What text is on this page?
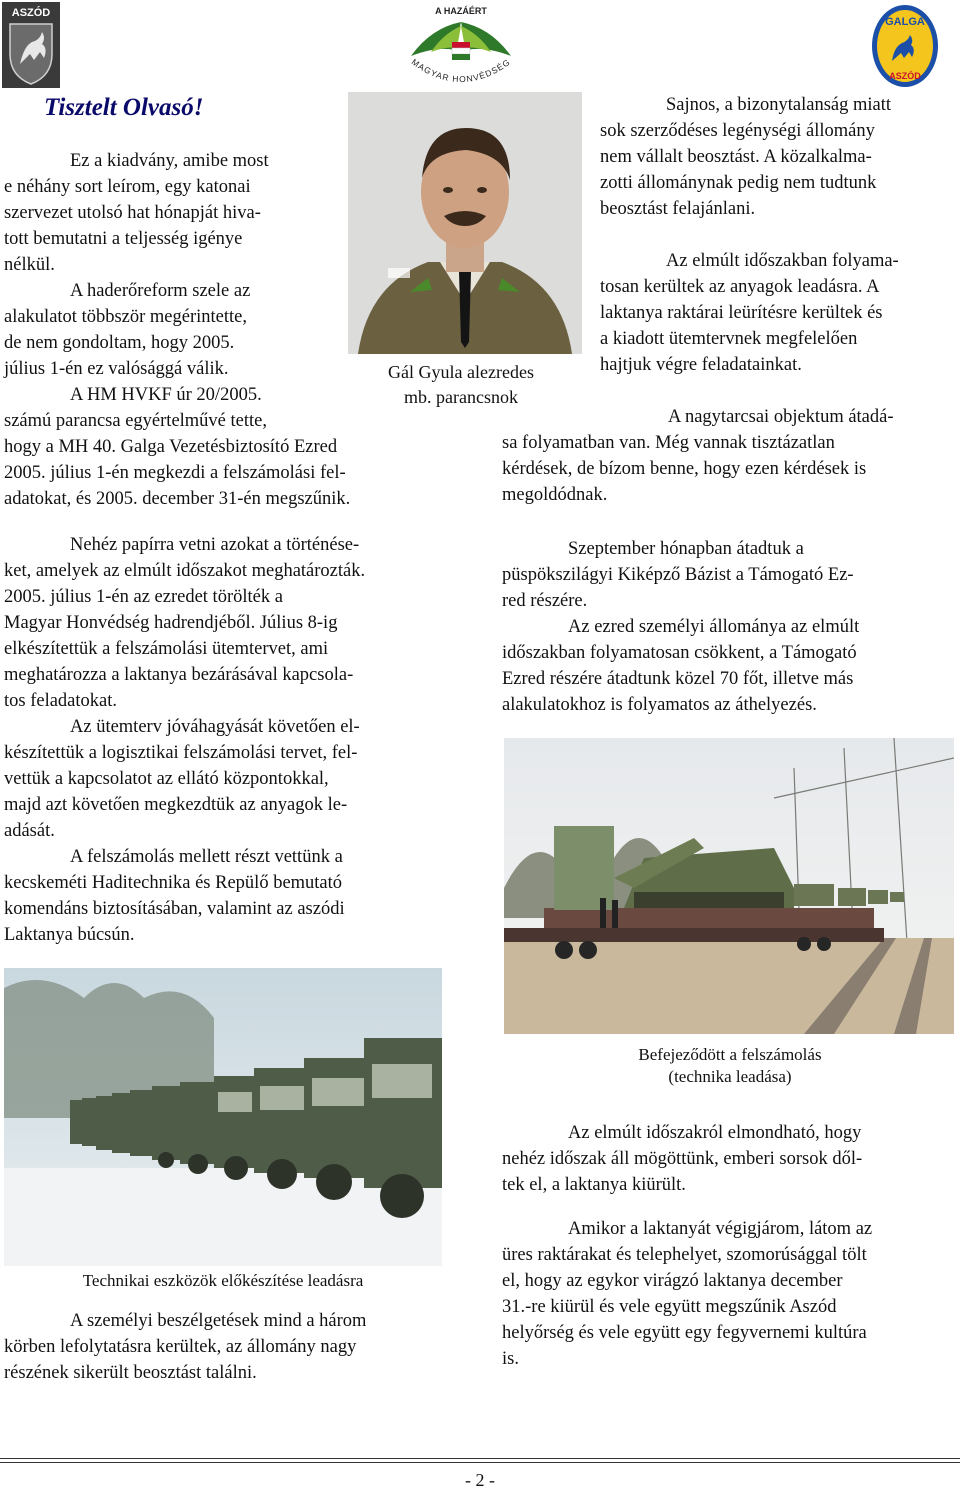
ASZÓD	A HAZÁÉRT
MAGYAR HONVÉDSÉG
GALGA
ASZÓD
Tisztelt Olvasó!
Gál Gyula alezredes
mb. parancsnok

Ez a kiadvány, amibe most
e néhány sort leírom, egy katonai
szervezet utolsó hat hónapját hiva-
tott bemutatni a teljesség igénye
nélkül.

A haderőreform szele az
alakulatot többször megérintette,
de nem gondoltam, hogy 2005.
július 1-én ez valósággá válik.

A HM HVKF úr 20/2005.
számú parancsa egyértelművé tette,

hogy a MH 40. Galga Vezetésbiztosító Ezred
2005. július 1-én megkezdi a felszámolási fel-
adatokat, és 2005. december 31-én megszűnik.

Nehéz papírra vetni azokat a történése-
ket, amelyek az elmúlt időszakot meghatározták.
2005. július 1-én az ezredet törölték a
Magyar Honvédség hadrendjéből. Július 8-ig
elkészítettük a felszámolási ütemtervet, ami
meghatározza a laktanya bezárásával kapcsola-
tos feladatokat.

Az ütemterv jóváhagyását követően el-
készítettük a logisztikai felszámolási tervet, fel-
vettük a kapcsolatot az ellátó központokkal,
majd azt követően megkezdtük az anyagok le-
adását.

A felszámolás mellett részt vettünk a
kecskeméti Haditechnika és Repülő bemutató
komendáns biztosításában, valamint az aszódi
Laktanya búcsún.

Technikai eszközök előkészítése leadásra

A személyi beszélgetések mind a három
körben lefolytatásra kerültek, az állomány nagy
részének sikerült beosztást találni.

Sajnos, a bizonytalanság miatt
sok szerződéses legénységi állomány
nem vállalt beosztást. A közalkalma-
zotti állománynak pedig nem tudtunk
beosztást felajánlani.

Az elmúlt időszakban folyama-
tosan kerültek az anyagok leadásra. A
laktanya raktárai leürítésre kerültek és
a kiadott ütemtervnek megfelelően
hajtjuk végre feladatainkat.

A nagytarcsai objektum átadá-
sa folyamatban van. Még vannak tisztázatlan
kérdések, de bízom benne, hogy ezen kérdések is
megoldódnak.

Szeptember hónapban átadtuk a
püspökszilágyi Kiképző Bázist a Támogató Ez-
red részére.

Az ezred személyi állománya az elmúlt
időszakban folyamatosan csökkent, a Támogató
Ezred részére átadtunk közel 70 főt, illetve más
alakulatokhoz is folyamatos az áthelyezés.

Befejeződött a felszámolás
(technika leadása)

Az elmúlt időszakról elmondható, hogy
nehéz időszak áll mögöttünk, emberi sorsok dől-
tek el, a laktanya kiürült.

Amikor a laktanyát végigjárom, látom az
üres raktárakat és telephelyet, szomorúsággal tölt
el, hogy az egykor virágzó laktanya december
31.-re kiürül és vele együtt megszűnik Aszód
helyőrség és vele együtt egy fegyvernemi kultúra
is.

- 2 -
